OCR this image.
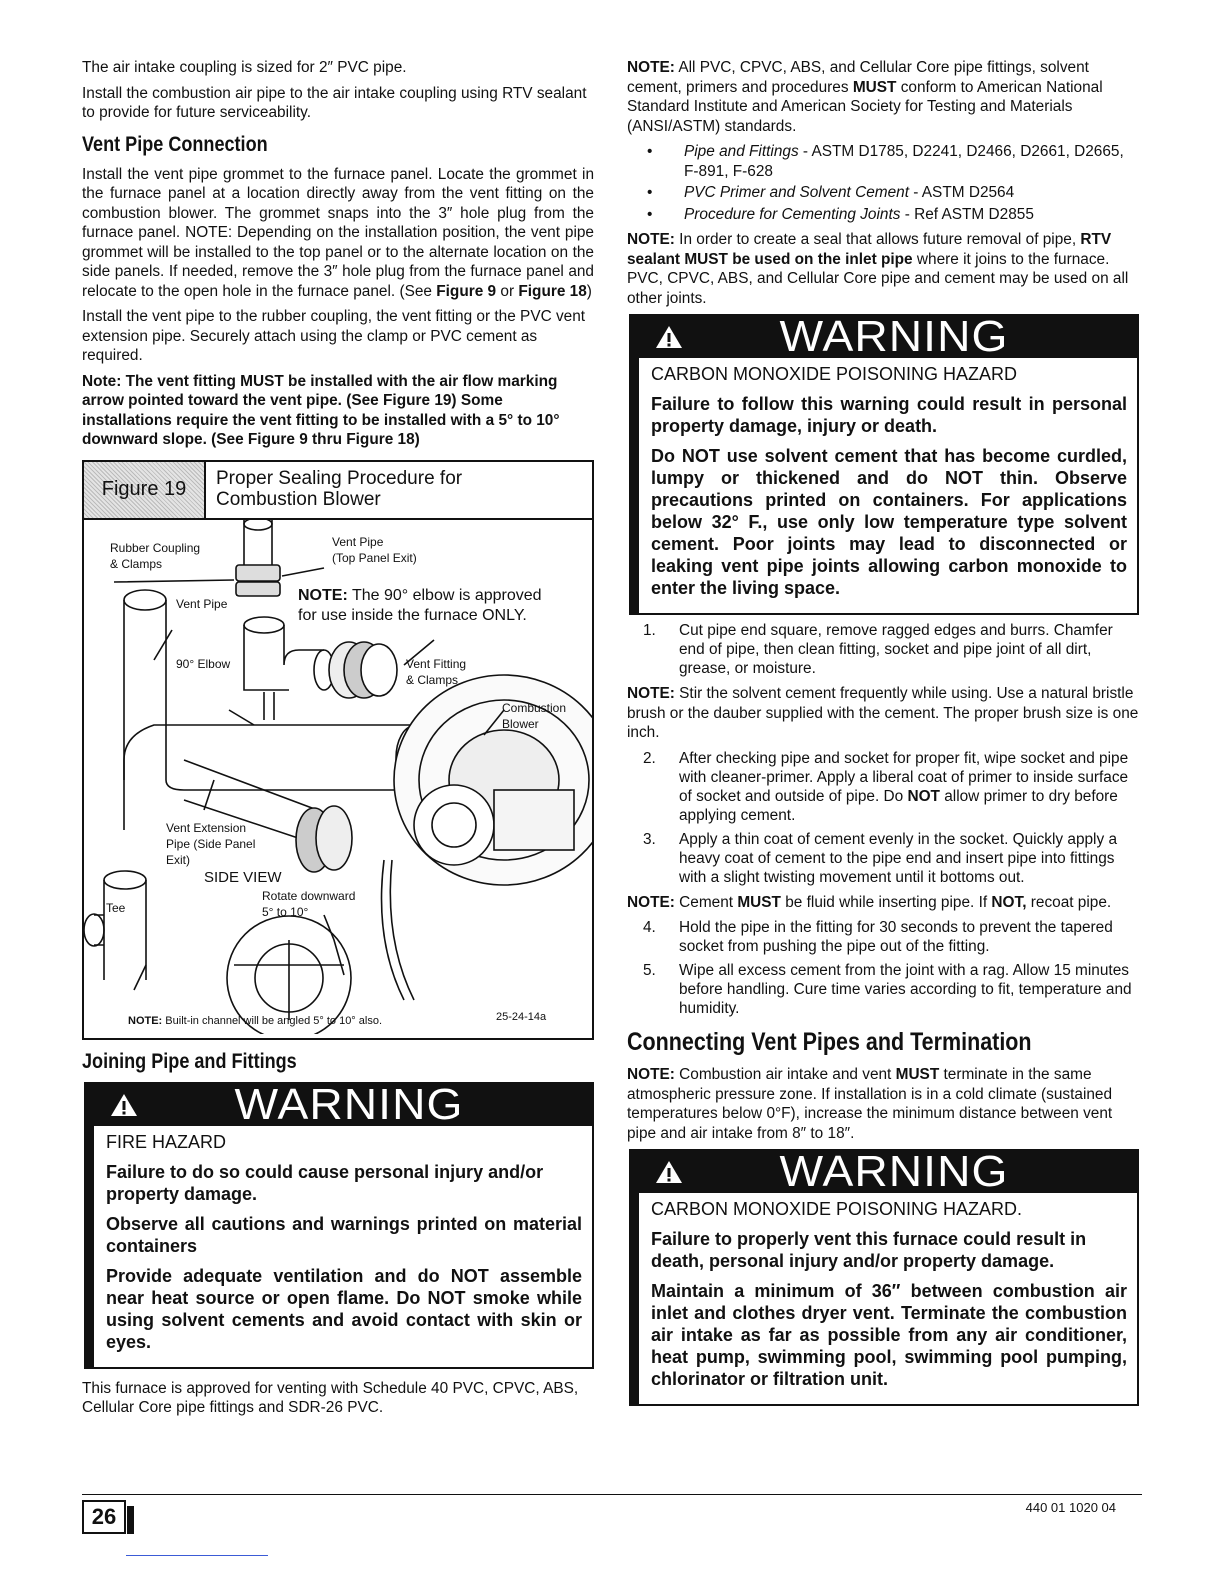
The air intake coupling is sized for 2″ PVC pipe.

Install the combustion air pipe to the air intake coupling using RTV sealant to provide for future serviceability.

Vent Pipe Connection

Install the vent pipe grommet to the furnace panel. Locate the grommet in the furnace panel at a location directly away from the vent fitting on the combustion blower. The grommet snaps into the 3″ hole plug from the furnace panel. NOTE: Depending on the installation position, the vent pipe grommet will be installed to the top panel or to the alternate location on the side panels. If needed, remove the 3″ hole plug from the furnace panel and relocate to the open hole in the furnace panel. (See Figure 9 or Figure 18)

Install the vent pipe to the rubber coupling, the vent fitting or the PVC vent extension pipe. Securely attach using the clamp or PVC cement as required.

Note: The vent fitting MUST be installed with the air flow marking arrow pointed toward the vent pipe. (See Figure 19) Some installations require the vent fitting to be installed with a 5° to 10° downward slope. (See Figure 9 thru Figure 18)

Figure 19	Proper Sealing Procedure for
Combustion Blower
Rubber Coupling
& Clamps
Vent Pipe
(Top Panel Exit)
NOTE: The 90° elbow is approved
for use inside the furnace ONLY.
Vent Pipe
90° Elbow	Vent Fitting
& Clamps
Combustion
Blower
Vent Extension
Pipe (Side Panel
Exit)
SIDE VIEW
Rotate downward
5° to 10°
Tee
NOTE: Built-in channel will be angled 5° to 10° also.	25-24-14a
Joining Pipe and Fittings
WARNING
FIRE HAZARD

Failure to do so could cause personal injury and/or property damage.

Observe all cautions and warnings printed on material containers

Provide adequate ventilation and do NOT assemble near heat source or open flame. Do NOT smoke while using solvent cements and avoid contact with skin or eyes.

This furnace is approved for venting with Schedule 40 PVC, CPVC, ABS, Cellular Core pipe fittings and SDR-26 PVC.

NOTE: All PVC, CPVC, ABS, and Cellular Core pipe fittings, solvent cement, primers and procedures MUST conform to American National Standard Institute and American Society for Testing and Materials (ANSI/ASTM) standards.

• Pipe and Fittings - ASTM D1785, D2241, D2466, D2661, D2665, F-891, F-628
• PVC Primer and Solvent Cement - ASTM D2564
• Procedure for Cementing Joints - Ref ASTM D2855

NOTE: In order to create a seal that allows future removal of pipe, RTV sealant MUST be used on the inlet pipe where it joins to the furnace. PVC, CPVC, ABS, and Cellular Core pipe and cement may be used on all other joints.

WARNING
CARBON MONOXIDE POISONING HAZARD

Failure to follow this warning could result in personal property damage, injury or death.

Do NOT use solvent cement that has become curdled, lumpy or thickened and do NOT thin. Observe precautions printed on containers. For applications below 32° F., use only low temperature type solvent cement. Poor joints may lead to disconnected or leaking vent pipe joints allowing carbon monoxide to enter the living space.

1. Cut pipe end square, remove ragged edges and burrs. Chamfer end of pipe, then clean fitting, socket and pipe joint of all dirt, grease, or moisture.

NOTE: Stir the solvent cement frequently while using. Use a natural bristle brush or the dauber supplied with the cement. The proper brush size is one inch.

2. After checking pipe and socket for proper fit, wipe socket and pipe with cleaner-primer. Apply a liberal coat of primer to inside surface of socket and outside of pipe. Do NOT allow primer to dry before applying cement.
3. Apply a thin coat of cement evenly in the socket. Quickly apply a heavy coat of cement to the pipe end and insert pipe into fittings with a slight twisting movement until it bottoms out.

NOTE: Cement MUST be fluid while inserting pipe. If NOT, recoat pipe.

4. Hold the pipe in the fitting for 30 seconds to prevent the tapered socket from pushing the pipe out of the fitting.
5. Wipe all excess cement from the joint with a rag. Allow 15 minutes before handling. Cure time varies according to fit, temperature and humidity.
Connecting Vent Pipes and Termination

NOTE: Combustion air intake and vent MUST terminate in the same atmospheric pressure zone. If installation is in a cold climate (sustained temperatures below 0°F), increase the minimum distance between vent pipe and air intake from 8″ to 18″.

WARNING
CARBON MONOXIDE POISONING HAZARD.

Failure to properly vent this furnace could result in death, personal injury and/or property damage.

Maintain a minimum of 36″ between combustion air inlet and clothes dryer vent. Terminate the combustion air intake as far as possible from any air conditioner, heat pump, swimming pool, swimming pool pumping, chlorinator or filtration unit.

26	440 01 1020 04
